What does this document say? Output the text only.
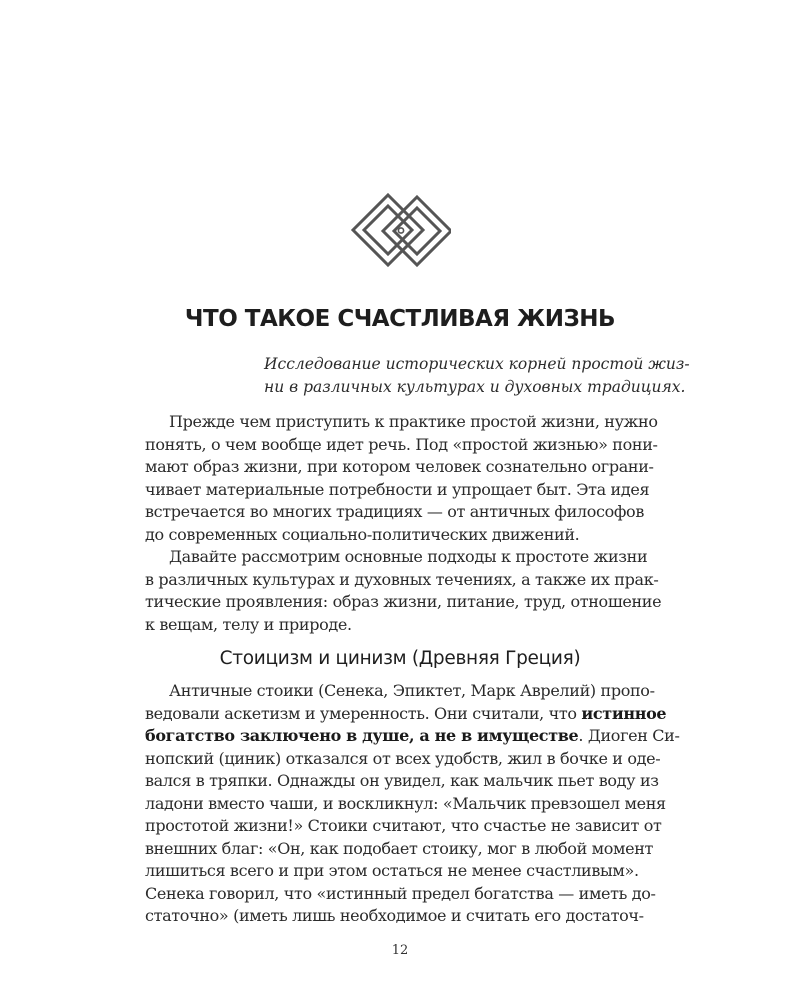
ЧТО ТАКОЕ СЧАСТЛИВАЯ ЖИЗНЬ

Исследование исторических корней простой жиз-
ни в различных культурах и духовных традициях.

Прежде чем приступить к практике простой жизни, нужно
понять, о чем вообще идет речь. Под «простой жизнью» пони-
мают образ жизни, при котором человек сознательно ограни-
чивает материальные потребности и упрощает быт. Эта идея
встречается во многих традициях — от античных философов
до современных социально-политических движений.
Давайте рассмотрим основные подходы к простоте жизни
в различных культурах и духовных течениях, а также их прак-
тические проявления: образ жизни, питание, труд, отношение
к вещам, телу и природе.
Стоицизм и цинизм (Древняя Греция)
Античные стоики (Сенека, Эпиктет, Марк Аврелий) пропо-
ведовали аскетизм и умеренность. Они считали, что истинное
богатство заключено в душе, а не в имуществе. Диоген Си-
нопский (циник) отказался от всех удобств, жил в бочке и оде-
вался в тряпки. Однажды он увидел, как мальчик пьет воду из
ладони вместо чаши, и воскликнул: «Мальчик превзошел меня
простотой жизни!» Стоики считают, что счастье не зависит от
внешних благ: «Он, как подобает стоику, мог в любой момент
лишиться всего и при этом остаться не менее счастливым».
Сенека говорил, что «истинный предел богатства — иметь до-
статочно» (иметь лишь необходимое и считать его достаточ-
12
